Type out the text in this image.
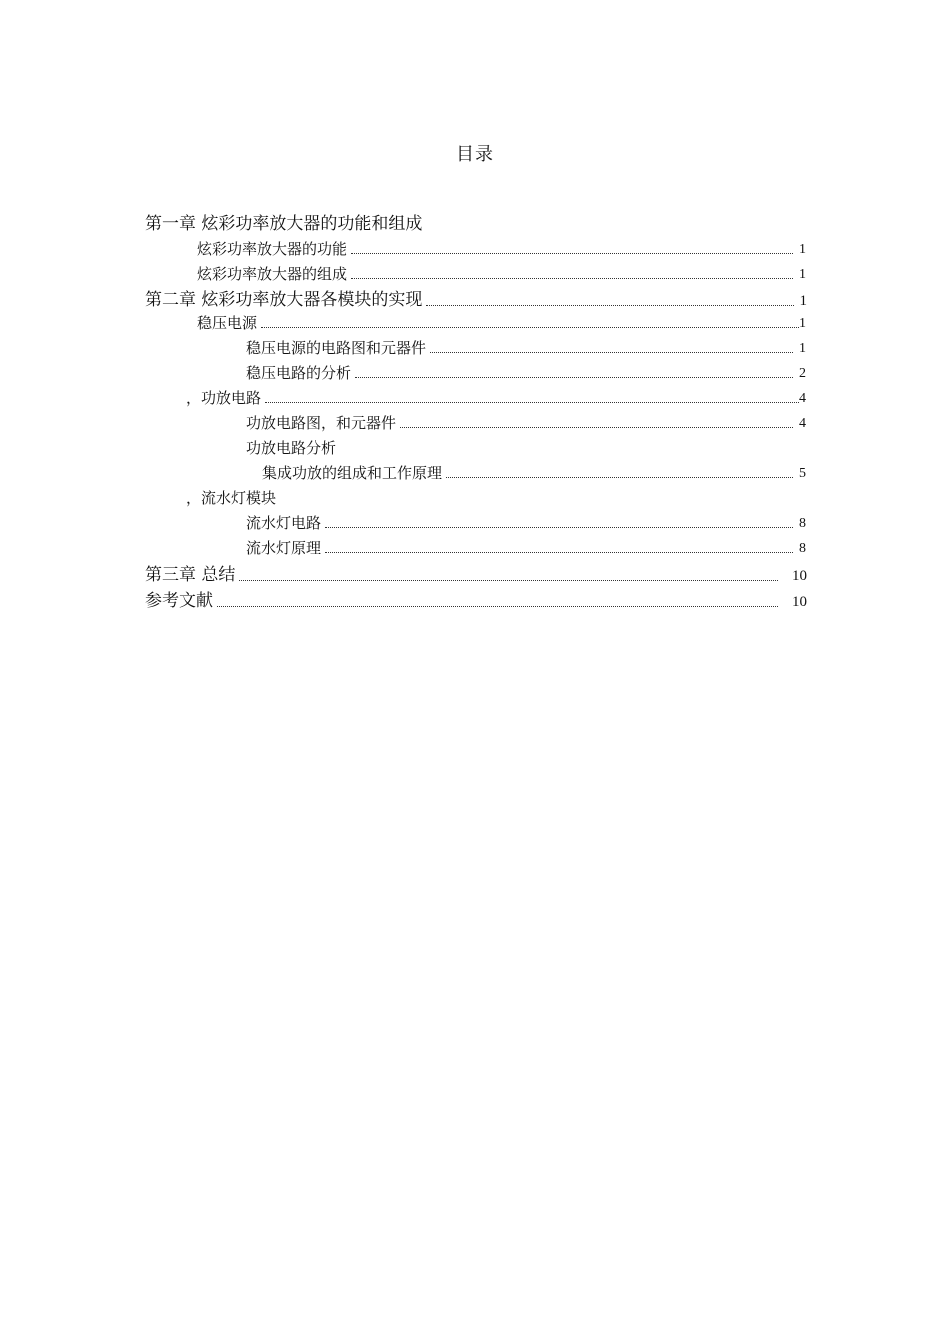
目录
第一章 炫彩功率放大器的功能和组成
炫彩功率放大器的功能	1
炫彩功率放大器的组成	1
第二章 炫彩功率放大器各模块的实现	1
稳压电源	1
稳压电源的电路图和元器件	1
稳压电路的分析	2
，功放电路	4
功放电路图，和元器件	4
功放电路分析
集成功放的组成和工作原理	5
，流水灯模块
流水灯电路	8
流水灯原理	8
第三章 总结	10
参考文献	10
